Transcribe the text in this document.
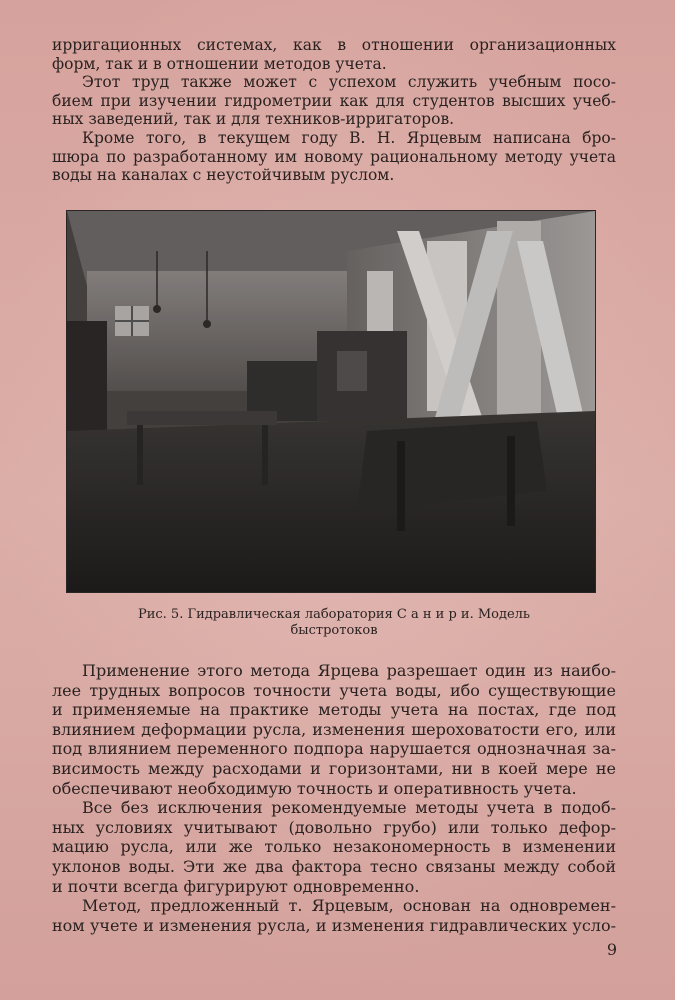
ирригационных системах, как в отношении организационных
форм, так и в отношении методов учета.
Этот труд также может с успехом служить учебным посо-
бием при изучении гидрометрии как для студентов высших учеб-
ных заведений, так и для техников-ирригаторов.
Кроме того, в текущем году В. Н. Ярцевым написана бро-
шюра по разработанному им новому рациональному методу учета
воды на каналах с неустойчивым руслом.
Рис. 5. Гидравлическая лаборатория С а н и р и. Модель
быстротоков
Применение этого метода Ярцева разрешает один из наибо-
лее трудных вопросов точности учета воды, ибо существующие
и применяемые на практике методы учета на постах, где под
влиянием деформации русла, изменения шероховатости его, или
под влиянием переменного подпора нарушается однозначная за-
висимость между расходами и горизонтами, ни в коей мере не
обеспечивают необходимую точность и оперативность учета.
Все без исключения рекомендуемые методы учета в подоб-
ных условиях учитывают (довольно грубо) или только дефор-
мацию русла, или же только незакономерность в изменении
уклонов воды. Эти же два фактора тесно связаны между собой
и почти всегда фигурируют одновременно.
Метод, предложенный т. Ярцевым, основан на одновремен-
ном учете и изменения русла, и изменения гидравлических усло-
9
